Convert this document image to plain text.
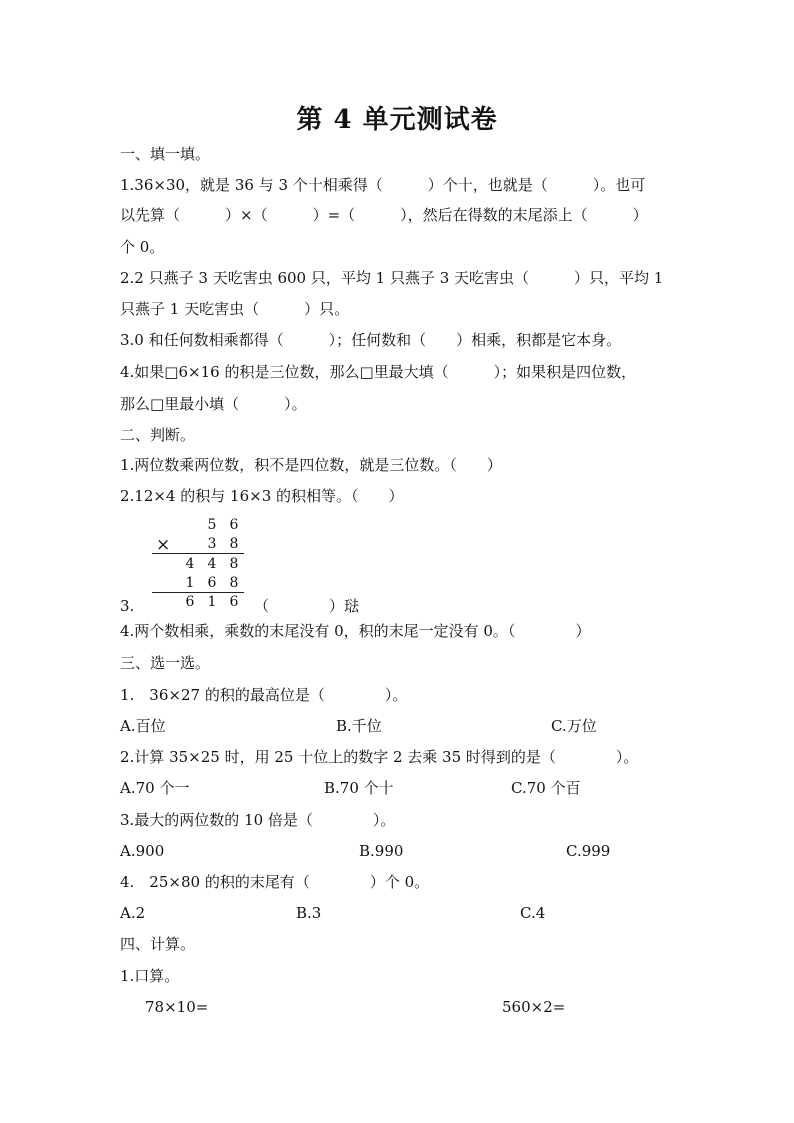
第 4 单元测试卷
一、填一填。
1.36×30，就是 36 与 3 个十相乘得（　　　）个十，也就是（　　　）。也可
以先算（　　　）×（　　　）=（　　　），然后在得数的末尾添上（　　　）
个 0。
2.2 只燕子 3 天吃害虫 600 只，平均 1 只燕子 3 天吃害虫（　　　）只，平均 1
只燕子 1 天吃害虫（　　　）只。
3.0 和任何数相乘都得（　　　）；任何数和（　　）相乘，积都是它本身。
4.如果□6×16 的积是三位数，那么□里最大填（　　　）；如果积是四位数，
那么□里最小填（　　　）。
二、判断。
1.两位数乘两位数，积不是四位数，就是三位数。（　　）
2.12×4 的积与 16×3 的积相等。（　　）
×
5 6
3 8
4 4 8
1 6 8
6 1 6
3.	（　　　　）琺
4.两个数相乘，乘数的末尾没有 0，积的末尾一定没有 0。（　　　　）
三、选一选。
1.　36×27 的积的最高位是（　　　　）。
A.百位	B.千位	C.万位
2.计算 35×25 时，用 25 十位上的数字 2 去乘 35 时得到的是（　　　　）。
A.70 个一	B.70 个十	C.70 个百
3.最大的两位数的 10 倍是（　　　　）。
A.900	B.990	C.999
4.　25×80 的积的末尾有（　　　　）个 0。
A.2	B.3	C.4
四、计算。
1.口算。
78×10=	560×2=
